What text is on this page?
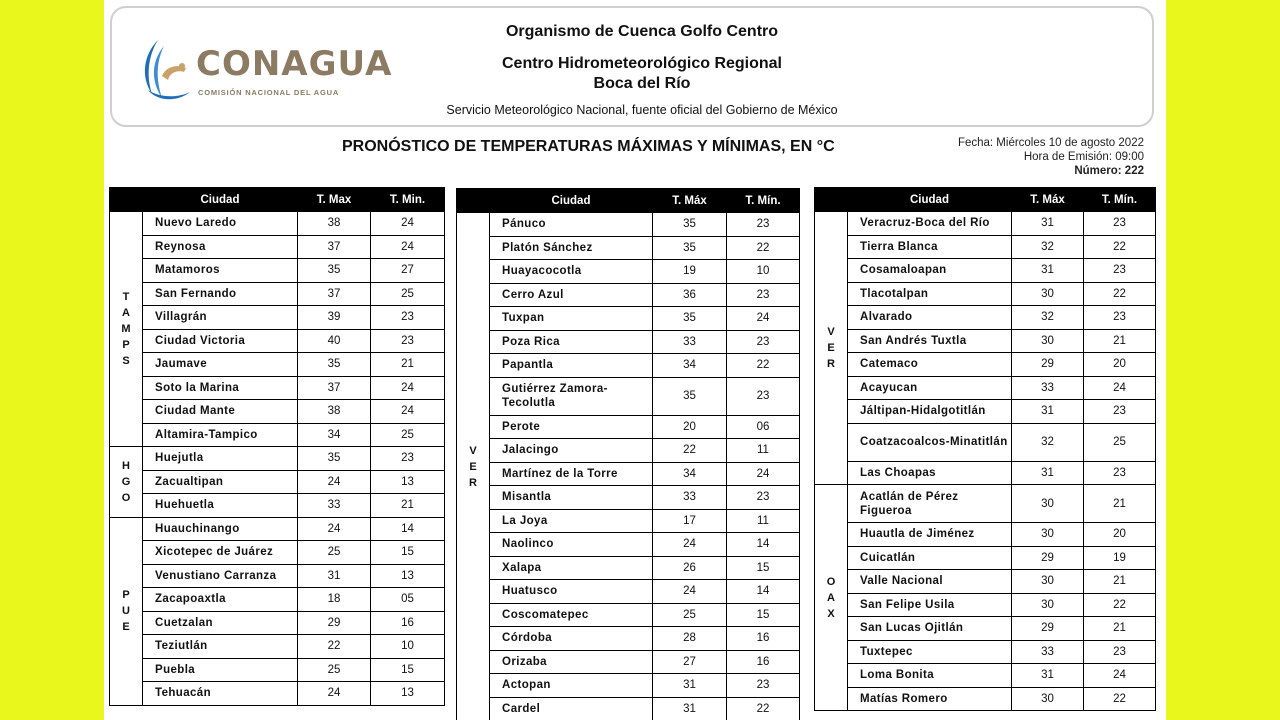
CONAGUA
COMISIÓN NACIONAL DEL AGUA
Organismo de Cuenca Golfo Centro
Centro Hidrometeorológico Regional
Boca del Río
Servicio Meteorológico Nacional, fuente oficial del Gobierno de México
PRONÓSTICO DE TEMPERATURAS MÁXIMAS Y MÍNIMAS, EN °C	Fecha: Miércoles 10 de agosto 2022
Hora de Emisión: 09:00
Número: 222
	Ciudad	T. Max	T. Min.

T
A
M
P
S	Nuevo Laredo	38	24
	Reynosa	37	24
	Matamoros	35	27
	San Fernando	37	25
	Villagrán	39	23
	Ciudad Victoria	40	23
	Jaumave	35	21
	Soto la Marina	37	24
	Ciudad Mante	38	24
	Altamira-Tampico	34	25

H
G
O	Huejutla	35	23
	Zacualtipan	24	13
	Huehuetla	33	21

P
U
E	Huauchinango	24	14
	Xicotepec de Juárez	25	15
	Venustiano Carranza	31	13
	Zacapoaxtla	18	05
	Cuetzalan	29	16
	Teziutlán	22	10
	Puebla	25	15
	Tehuacán	24	13
	Ciudad	T. Máx	T. Mín.

V
E
R	Pánuco	35	23
	Platón Sánchez	35	22
	Huayacocotla	19	10
	Cerro Azul	36	23
	Tuxpan	35	24
	Poza Rica	33	23
	Papantla	34	22
	Gutiérrez Zamora-Tecolutla	35	23
	Perote	20	06
	Jalacingo	22	11
	Martínez de la Torre	34	24
	Misantla	33	23
	La Joya	17	11
	Naolinco	24	14
	Xalapa	26	15
	Huatusco	24	14
	Coscomatepec	25	15
	Córdoba	28	16
	Orizaba	27	16
	Actopan	31	23
	Cardel	31	22
	Ciudad	T. Máx	T. Mín.

V
E
R	Veracruz-Boca del Río	31	23
	Tierra Blanca	32	22
	Cosamaloapan	31	23
	Tlacotalpan	30	22
	Alvarado	32	23
	San Andrés Tuxtla	30	21
	Catemaco	29	20
	Acayucan	33	24
	Jáltipan-Hidalgotitlán	31	23
	Coatzacoalcos-Minatitlán	32	25
	Las Choapas	31	23

O
A
X	Acatlán de Pérez Figueroa	30	21
	Huautla de Jiménez	30	20
	Cuicatlán	29	19
	Valle Nacional	30	21
	San Felipe Usila	30	22
	San Lucas Ojitlán	29	21
	Tuxtepec	33	23
	Loma Bonita	31	24
	Matías Romero	30	22
